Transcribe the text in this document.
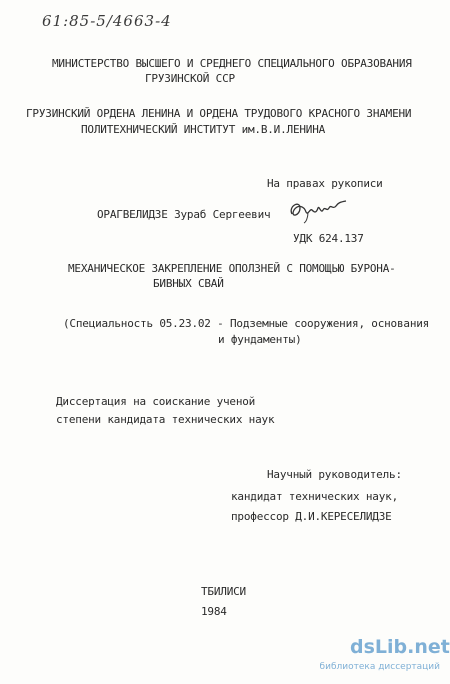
61:85-5/4663-4
МИНИСТЕРСТВО ВЫСШЕГО И СРЕДНЕГО СПЕЦИАЛЬНОГО ОБРАЗОВАНИЯ
ГРУЗИНСКОЙ ССР
ГРУЗИНСКИЙ ОРДЕНА ЛЕНИНА И ОРДЕНА ТРУДОВОГО КРАСНОГО ЗНАМЕНИ
ПОЛИТЕХНИЧЕСКИЙ ИНСТИТУТ им.В.И.ЛЕНИНА
На правах рукописи
ОРАГВЕЛИДЗЕ Зураб Сергеевич
УДК 624.137
МЕХАНИЧЕСКОЕ ЗАКРЕПЛЕНИЕ ОПОЛЗНЕЙ С ПОМОЩЬЮ БУРОНА-
БИВНЫХ СВАЙ
(Специальность 05.23.02 - Подземные сооружения, основания
и фундаменты)
Диссертация на соискание ученой
степени кандидата технических наук
Научный руководитель:
кандидат технических наук,
профессор Д.И.КЕРЕСЕЛИДЗЕ
ТБИЛИСИ
1984
dsLib.net
библиотека диссертаций
